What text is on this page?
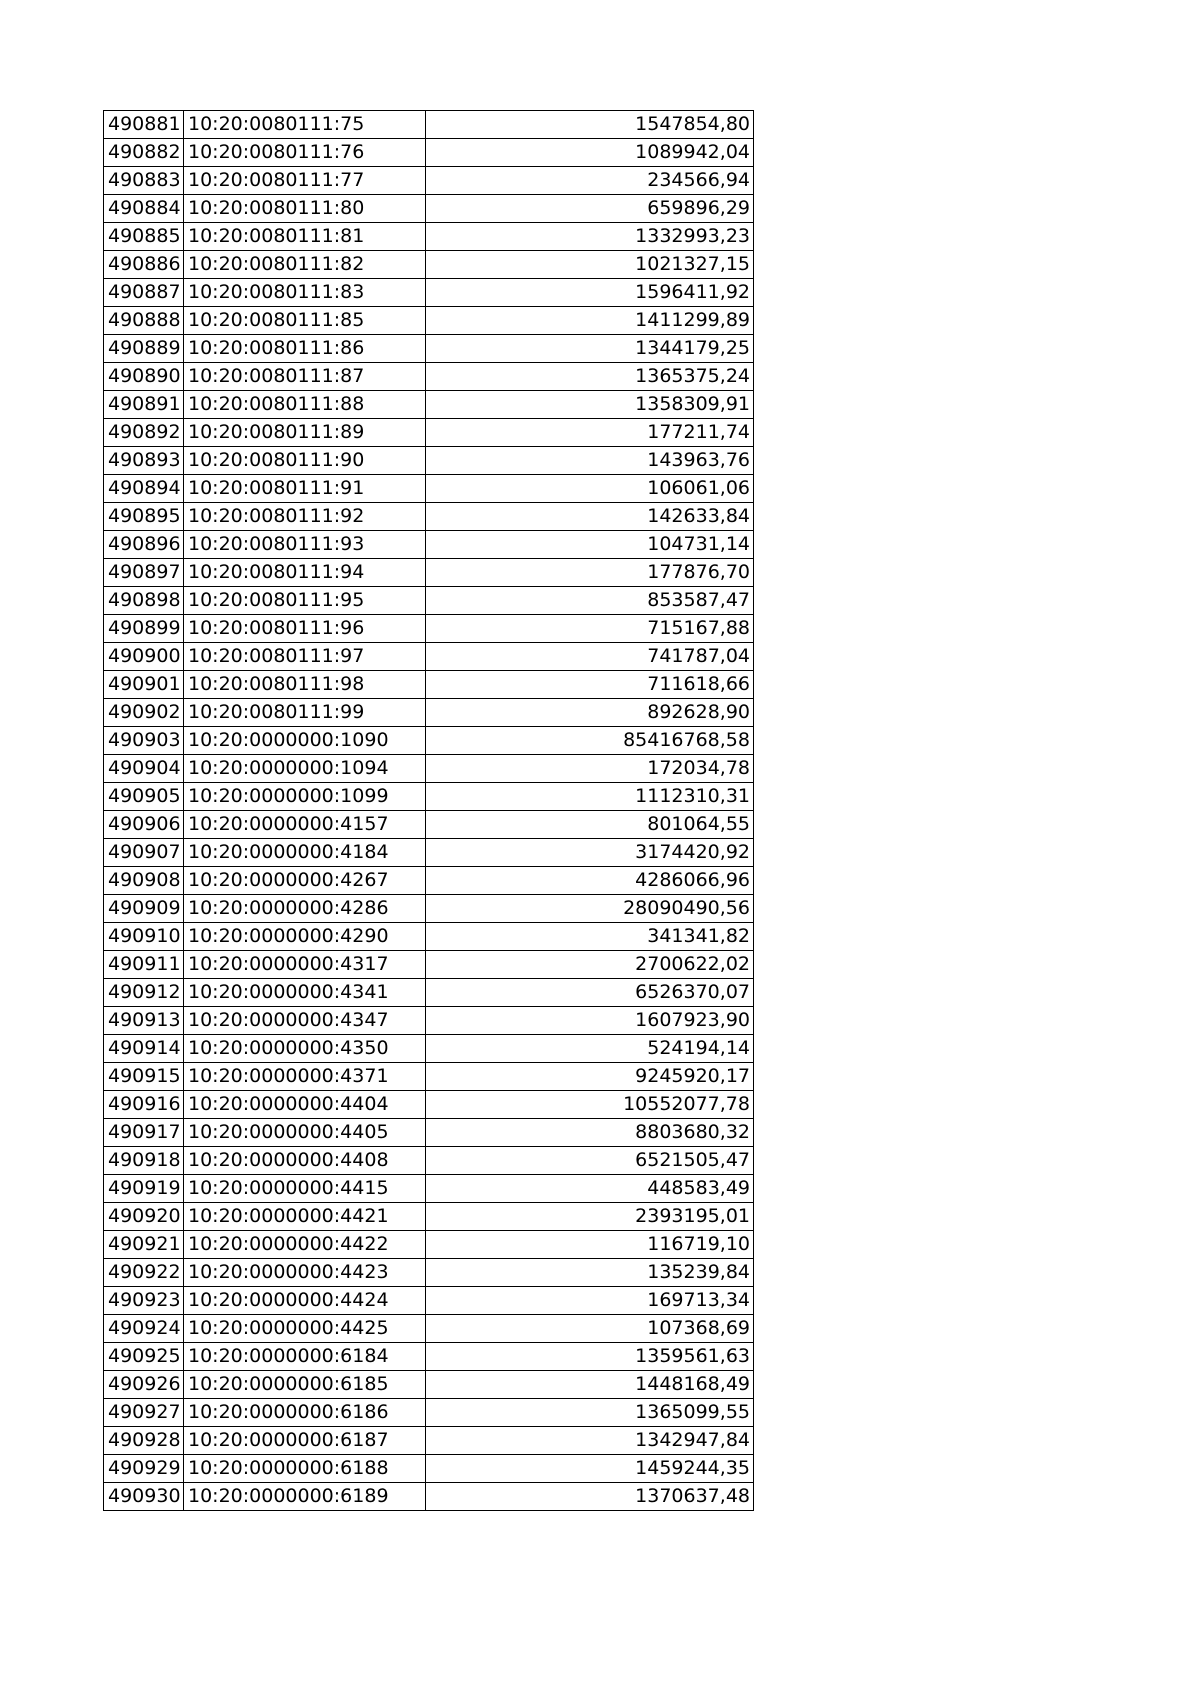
490881	10:20:0080111:75	1547854,80
490882	10:20:0080111:76	1089942,04
490883	10:20:0080111:77	234566,94
490884	10:20:0080111:80	659896,29
490885	10:20:0080111:81	1332993,23
490886	10:20:0080111:82	1021327,15
490887	10:20:0080111:83	1596411,92
490888	10:20:0080111:85	1411299,89
490889	10:20:0080111:86	1344179,25
490890	10:20:0080111:87	1365375,24
490891	10:20:0080111:88	1358309,91
490892	10:20:0080111:89	177211,74
490893	10:20:0080111:90	143963,76
490894	10:20:0080111:91	106061,06
490895	10:20:0080111:92	142633,84
490896	10:20:0080111:93	104731,14
490897	10:20:0080111:94	177876,70
490898	10:20:0080111:95	853587,47
490899	10:20:0080111:96	715167,88
490900	10:20:0080111:97	741787,04
490901	10:20:0080111:98	711618,66
490902	10:20:0080111:99	892628,90
490903	10:20:0000000:1090	85416768,58
490904	10:20:0000000:1094	172034,78
490905	10:20:0000000:1099	1112310,31
490906	10:20:0000000:4157	801064,55
490907	10:20:0000000:4184	3174420,92
490908	10:20:0000000:4267	4286066,96
490909	10:20:0000000:4286	28090490,56
490910	10:20:0000000:4290	341341,82
490911	10:20:0000000:4317	2700622,02
490912	10:20:0000000:4341	6526370,07
490913	10:20:0000000:4347	1607923,90
490914	10:20:0000000:4350	524194,14
490915	10:20:0000000:4371	9245920,17
490916	10:20:0000000:4404	10552077,78
490917	10:20:0000000:4405	8803680,32
490918	10:20:0000000:4408	6521505,47
490919	10:20:0000000:4415	448583,49
490920	10:20:0000000:4421	2393195,01
490921	10:20:0000000:4422	116719,10
490922	10:20:0000000:4423	135239,84
490923	10:20:0000000:4424	169713,34
490924	10:20:0000000:4425	107368,69
490925	10:20:0000000:6184	1359561,63
490926	10:20:0000000:6185	1448168,49
490927	10:20:0000000:6186	1365099,55
490928	10:20:0000000:6187	1342947,84
490929	10:20:0000000:6188	1459244,35
490930	10:20:0000000:6189	1370637,48
